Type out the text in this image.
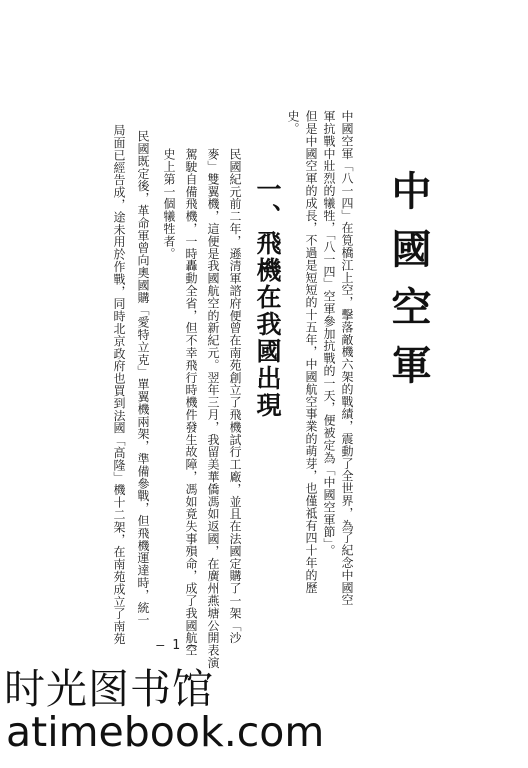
中國空軍
中國空軍「八一四」在筧橋江上空，擊落敵機六架的戰績，震動了全世界，為了紀念中國空
軍抗戰中壯烈的犧牲，「八一四」空軍參加抗戰的一天，便被定為「中國空軍節」。
但是中國空軍的成長，不過是短短的十五年，中國航空事業的萌芽，也僅祗有四十年的歷
史。
一、飛機在我國出現
民國紀元前二年，遜清軍諮府便曾在南苑創立了飛機試行工廠，並且在法國定購了一架「沙
麥」雙翼機，這便是我國航空的新紀元。翌年三月，我留美華僑馮如返國，在廣州燕塘公開表演
駕駛自備飛機，一時轟動全省，但不幸飛行時機件發生故障，馮如竟失事殞命，成了我國航空
史上第一個犧牲者。
民國既定後，革命軍曾向奧國購「愛特立克」單翼機兩架，準備參戰，但飛機運達時，統一
局面已經告成，途未用於作戰，同時北京政府也買到法國「高隆」機十二架，在南苑成立了南苑
— 1 —
时光图书馆
atimebook.com
